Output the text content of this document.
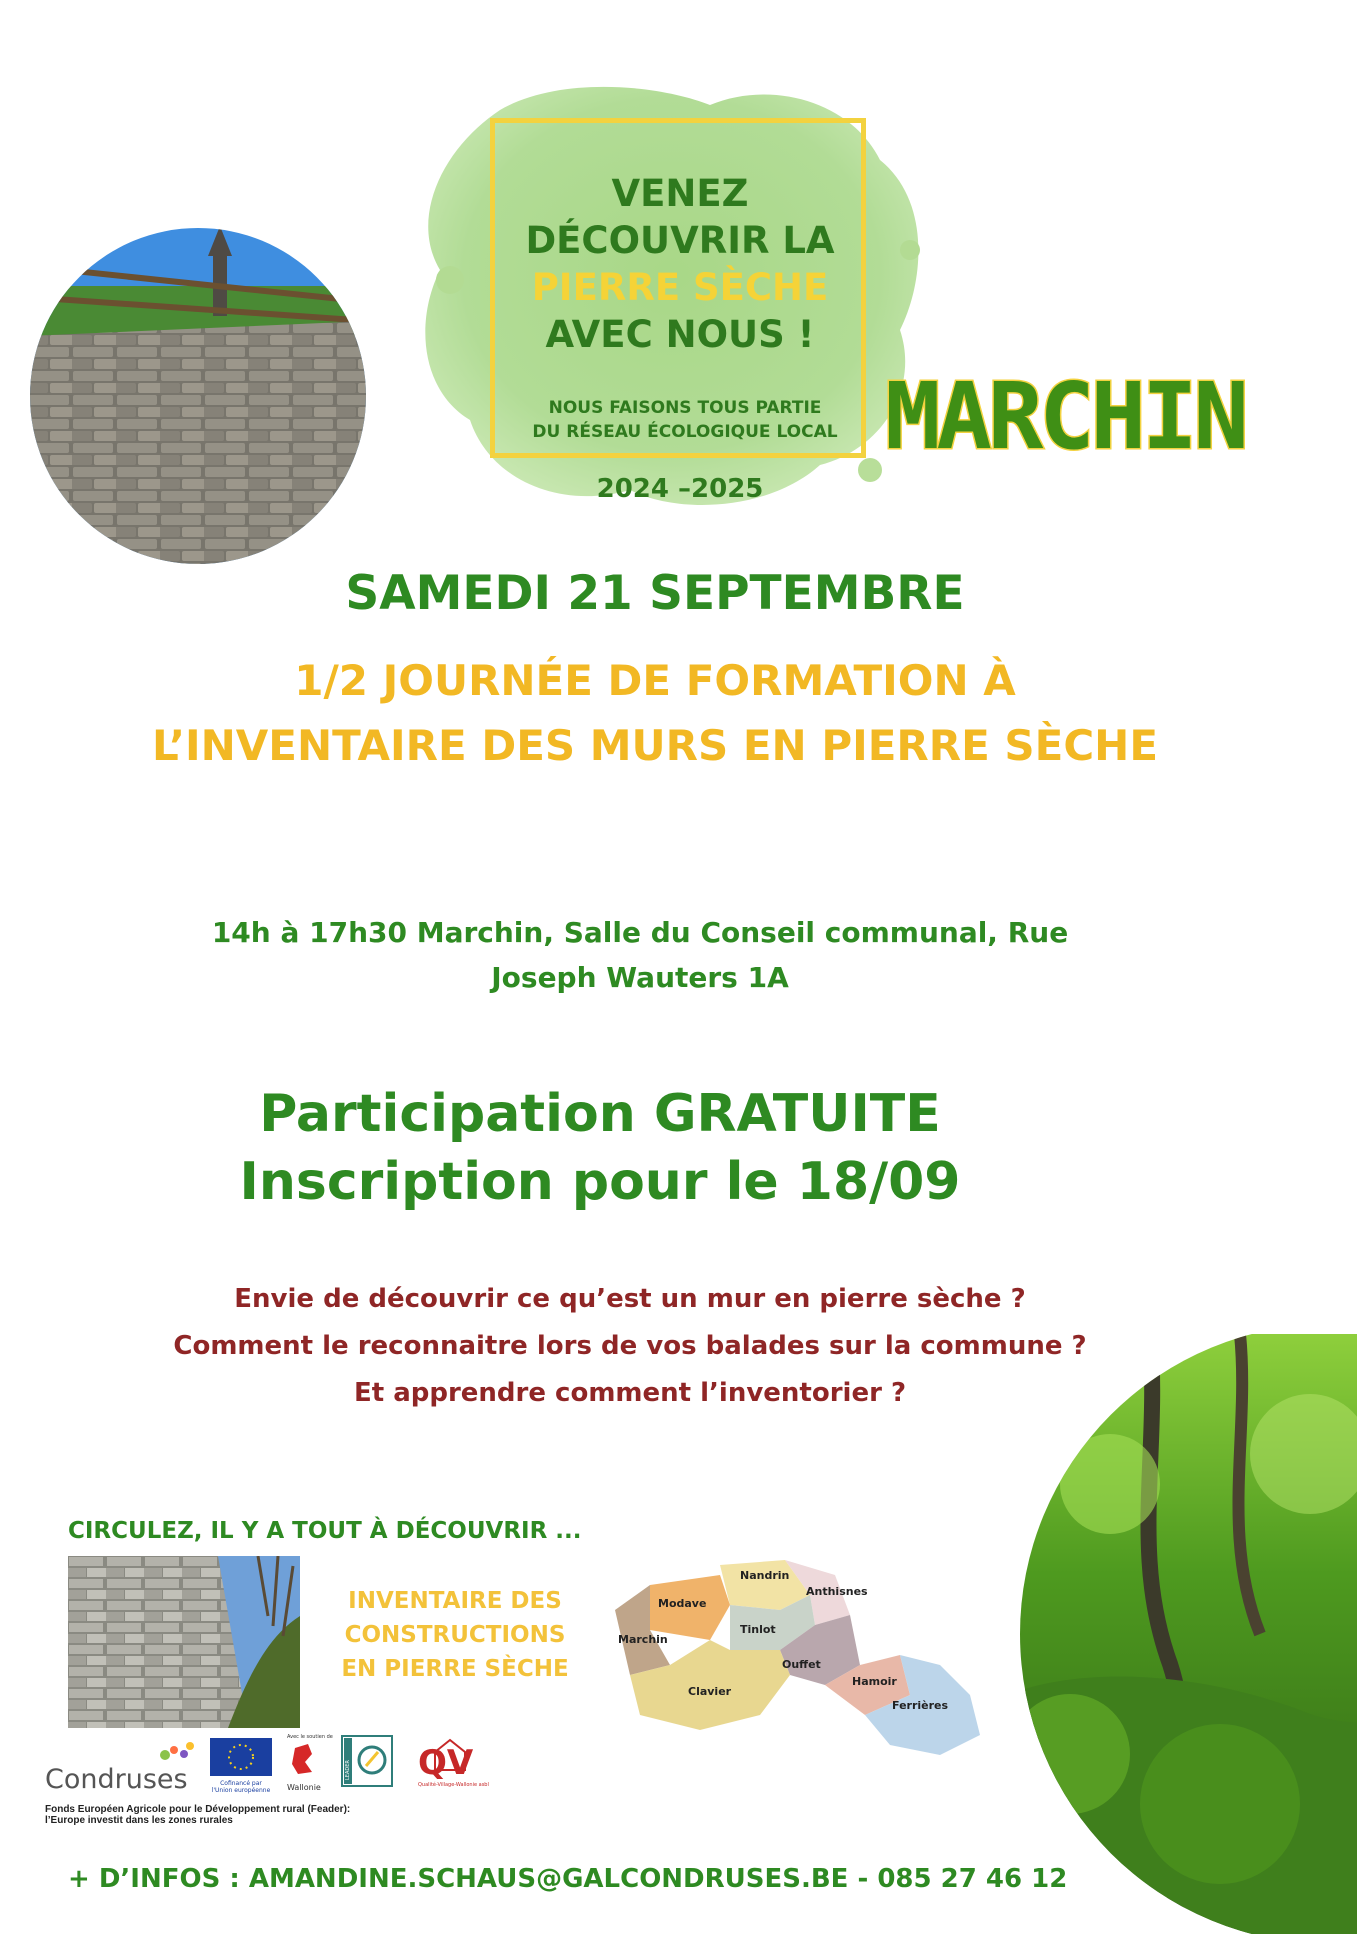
VENEZ
DÉCOUVRIR LA
PIERRE SÈCHE
AVEC NOUS !
NOUS FAISONS TOUS PARTIE
DU RÉSEAU ÉCOLOGIQUE LOCAL
2024 –2025
MARCHIN
SAMEDI 21 SEPTEMBRE
1/2 JOURNÉE DE FORMATION À
L’INVENTAIRE DES MURS EN PIERRE SÈCHE
14h à 17h30 Marchin, Salle du Conseil communal, Rue
Joseph Wauters 1A
Participation GRATUITE
Inscription pour le 18/09
Envie de découvrir ce qu’est un mur en pierre sèche ?
Comment le reconnaitre lors de vos balades sur la commune ?
Et apprendre comment l’inventorier ?
CIRCULEZ, IL Y A TOUT À DÉCOUVRIR ...
INVENTAIRE DES
CONSTRUCTIONS
EN PIERRE SÈCHE
Nandrin
Modave
Tinlot
Anthisnes
Marchin
Ouffet
Clavier
Hamoir
Ferrières
Condruses	Cofinancé par
l'Union européenne
Avec le soutien de
Wallonie
LEADER QV
Qualité-Village-Wallonie asbl
Fonds Européen Agricole pour le Développement rural (Feader):
l’Europe investit dans les zones rurales
+ D’INFOS : AMANDINE.SCHAUS@GALCONDRUSES.BE - 085 27 46 12
